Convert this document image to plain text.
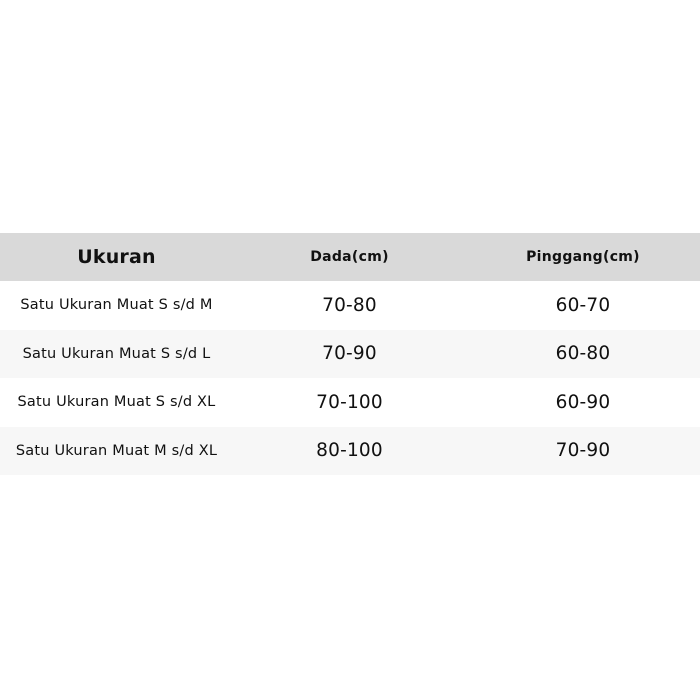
Ukuran	Dada(cm)	Pinggang(cm)
Satu Ukuran Muat S s/d M	70-80	60-70
Satu Ukuran Muat S s/d L	70-90	60-80
Satu Ukuran Muat S s/d XL	70-100	60-90
Satu Ukuran Muat M s/d XL	80-100	70-90
